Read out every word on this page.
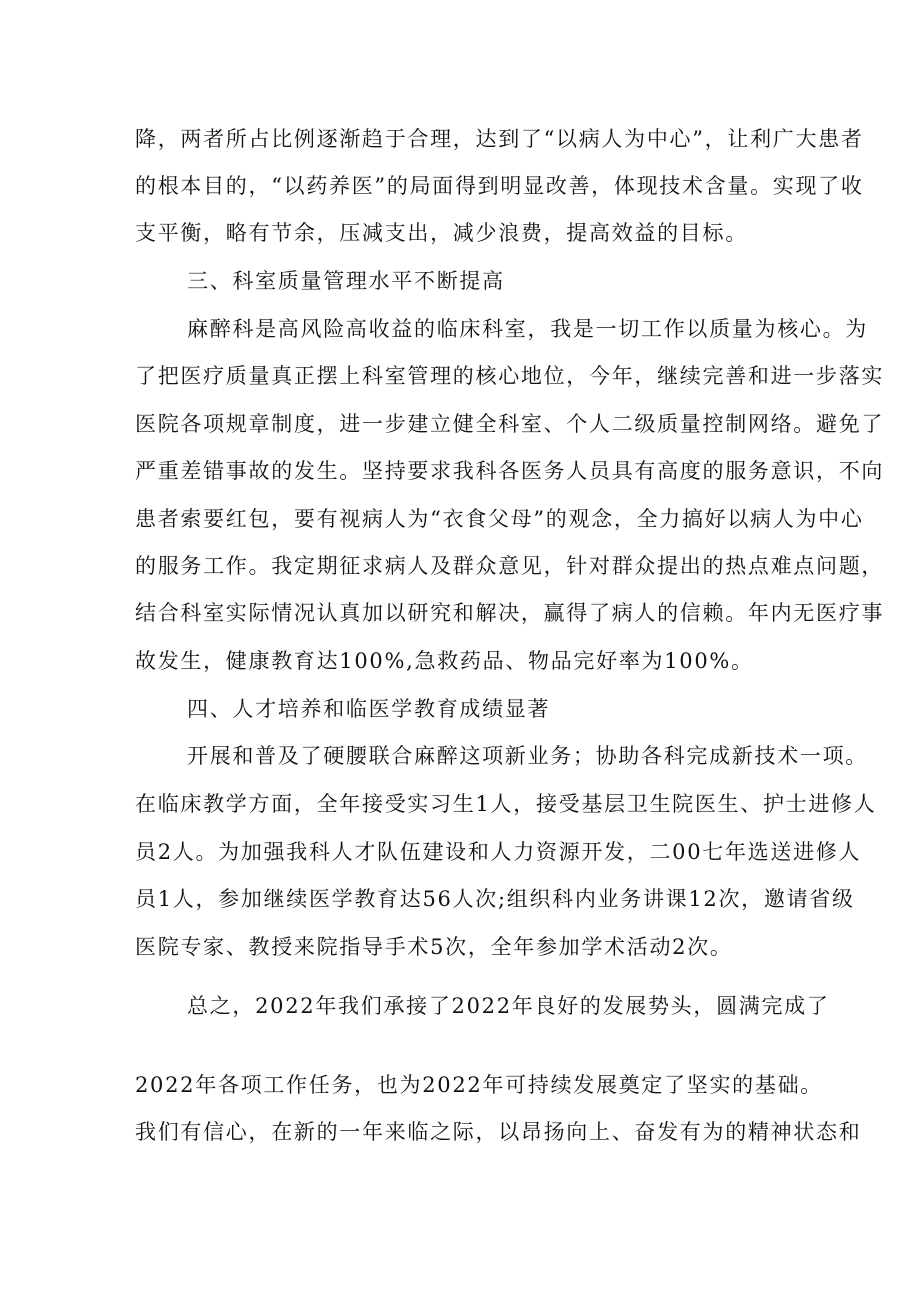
降，两者所占比例逐渐趋于合理，达到了“以病人为中心”，让利广大患者
的根本目的，“以药养医”的局面得到明显改善，体现技术含量。实现了收
支平衡，略有节余，压减支出，减少浪费，提高效益的目标。
三、科室质量管理水平不断提高
麻醉科是高风险高收益的临床科室，我是一切工作以质量为核心。为
了把医疗质量真正摆上科室管理的核心地位，今年，继续完善和进一步落实
医院各项规章制度，进一步建立健全科室、个人二级质量控制网络。避免了
严重差错事故的发生。坚持要求我科各医务人员具有高度的服务意识，不向
患者索要红包，要有视病人为“衣食父母”的观念，全力搞好以病人为中心
的服务工作。我定期征求病人及群众意见，针对群众提出的热点难点问题，
结合科室实际情况认真加以研究和解决，赢得了病人的信赖。年内无医疗事
故发生，健康教育达100%,急救药品、物品完好率为100%。
四、人才培养和临医学教育成绩显著
开展和普及了硬腰联合麻醉这项新业务；协助各科完成新技术一项。
在临床教学方面，全年接受实习生1人，接受基层卫生院医生、护士进修人
员2人。为加强我科人才队伍建设和人力资源开发，二00七年选送进修人
员1人，参加继续医学教育达56人次;组织科内业务讲课12次，邀请省级
医院专家、教授来院指导手术5次，全年参加学术活动2次。
总之，2022年我们承接了2022年良好的发展势头，圆满完成了
2022年各项工作任务，也为2022年可持续发展奠定了坚实的基础。
我们有信心，在新的一年来临之际，以昂扬向上、奋发有为的精神状态和
